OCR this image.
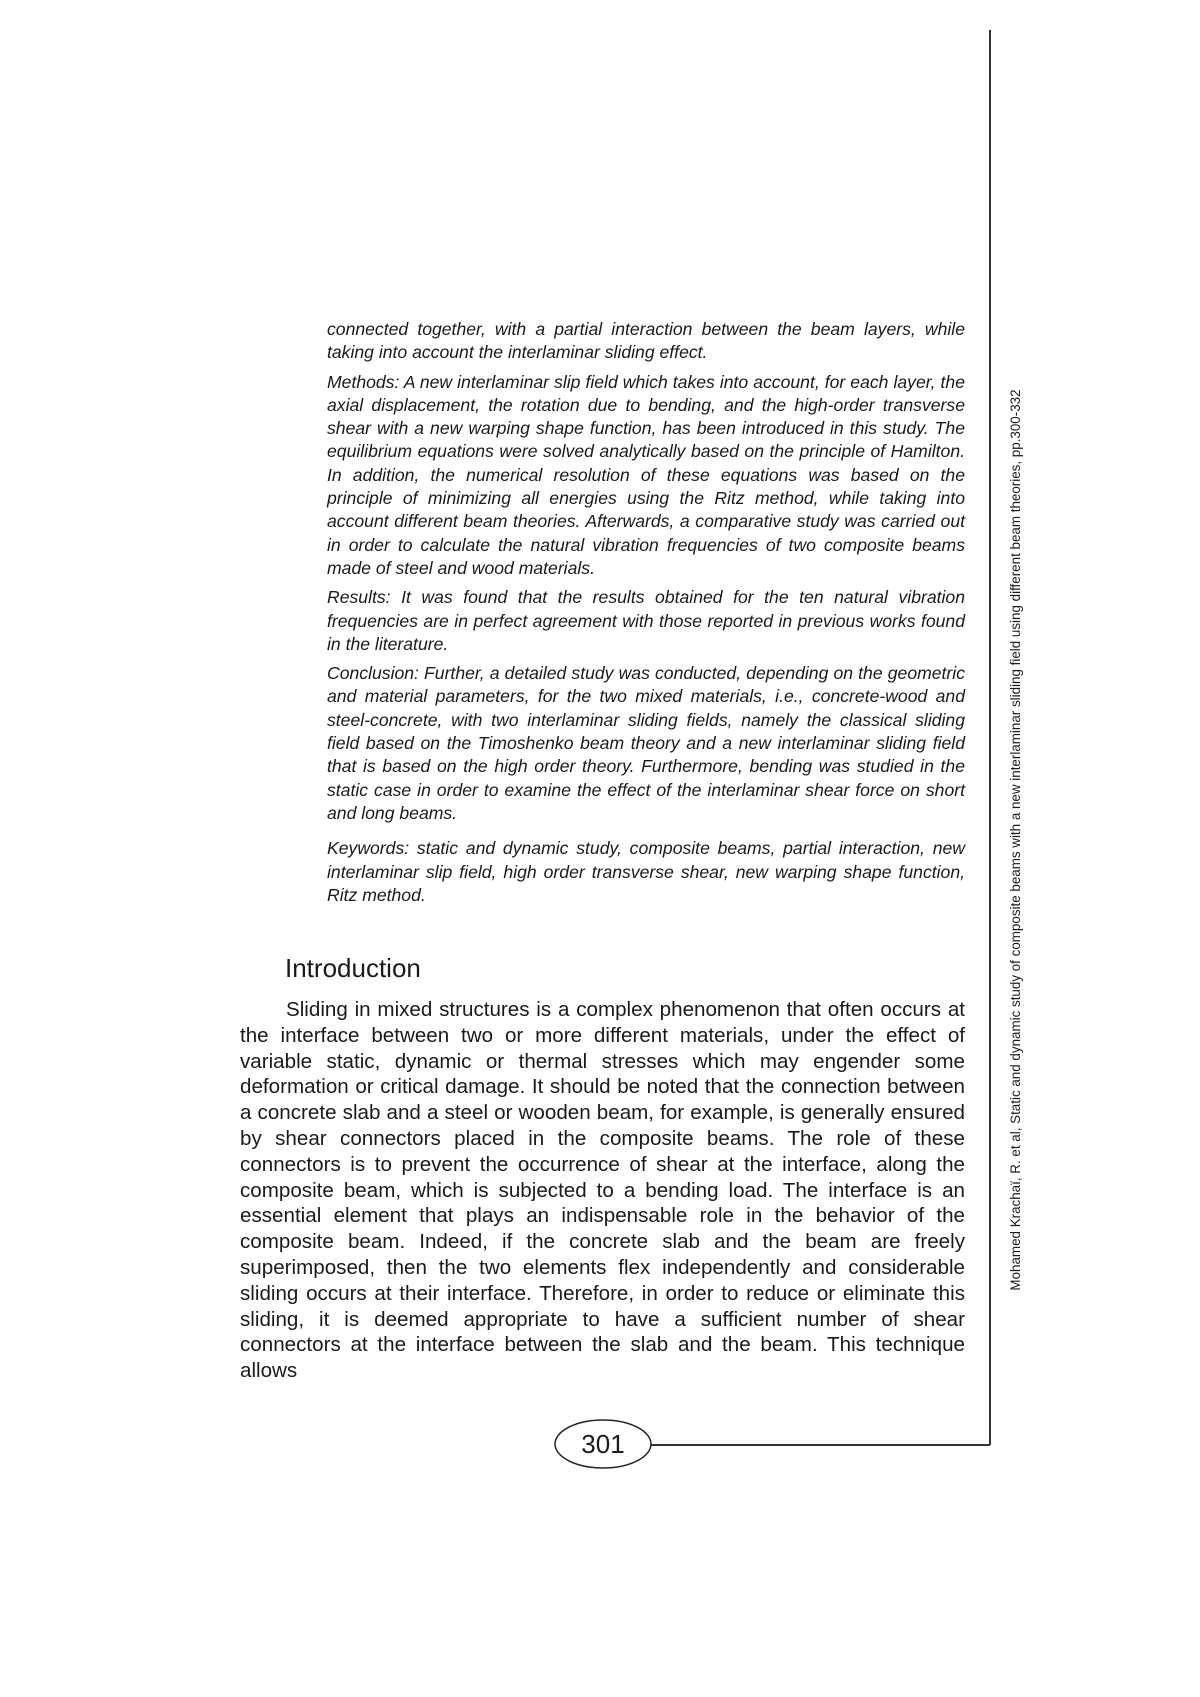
connected together, with a partial interaction between the beam layers, while taking into account the interlaminar sliding effect.

Methods: A new interlaminar slip field which takes into account, for each layer, the axial displacement, the rotation due to bending, and the high-order transverse shear with a new warping shape function, has been introduced in this study. The equilibrium equations were solved analytically based on the principle of Hamilton. In addition, the numerical resolution of these equations was based on the principle of minimizing all energies using the Ritz method, while taking into account different beam theories. Afterwards, a comparative study was carried out in order to calculate the natural vibration frequencies of two composite beams made of steel and wood materials.

Results: It was found that the results obtained for the ten natural vibration frequencies are in perfect agreement with those reported in previous works found in the literature.

Conclusion: Further, a detailed study was conducted, depending on the geometric and material parameters, for the two mixed materials, i.e., concrete-wood and steel-concrete, with two interlaminar sliding fields, namely the classical sliding field based on the Timoshenko beam theory and a new interlaminar sliding field that is based on the high order theory. Furthermore, bending was studied in the static case in order to examine the effect of the interlaminar shear force on short and long beams.

Keywords: static and dynamic study, composite beams, partial interaction, new interlaminar slip field, high order transverse shear, new warping shape function, Ritz method.

Introduction

Sliding in mixed structures is a complex phenomenon that often occurs at the interface between two or more different materials, under the effect of variable static, dynamic or thermal stresses which may engender some deformation or critical damage. It should be noted that the connection between a concrete slab and a steel or wooden beam, for example, is generally ensured by shear connectors placed in the composite beams. The role of these connectors is to prevent the occurrence of shear at the interface, along the composite beam, which is subjected to a bending load. The interface is an essential element that plays an indispensable role in the behavior of the composite beam. Indeed, if the concrete slab and the beam are freely superimposed, then the two elements flex independently and considerable sliding occurs at their interface. Therefore, in order to reduce or eliminate this sliding, it is deemed appropriate to have a sufficient number of shear connectors at the interface between the slab and the beam. This technique allows

301
Mohamed Krachaï, R. et al, Static and dynamic study of composite beams with a new interlaminar sliding field using different beam theories, pp.300-332
